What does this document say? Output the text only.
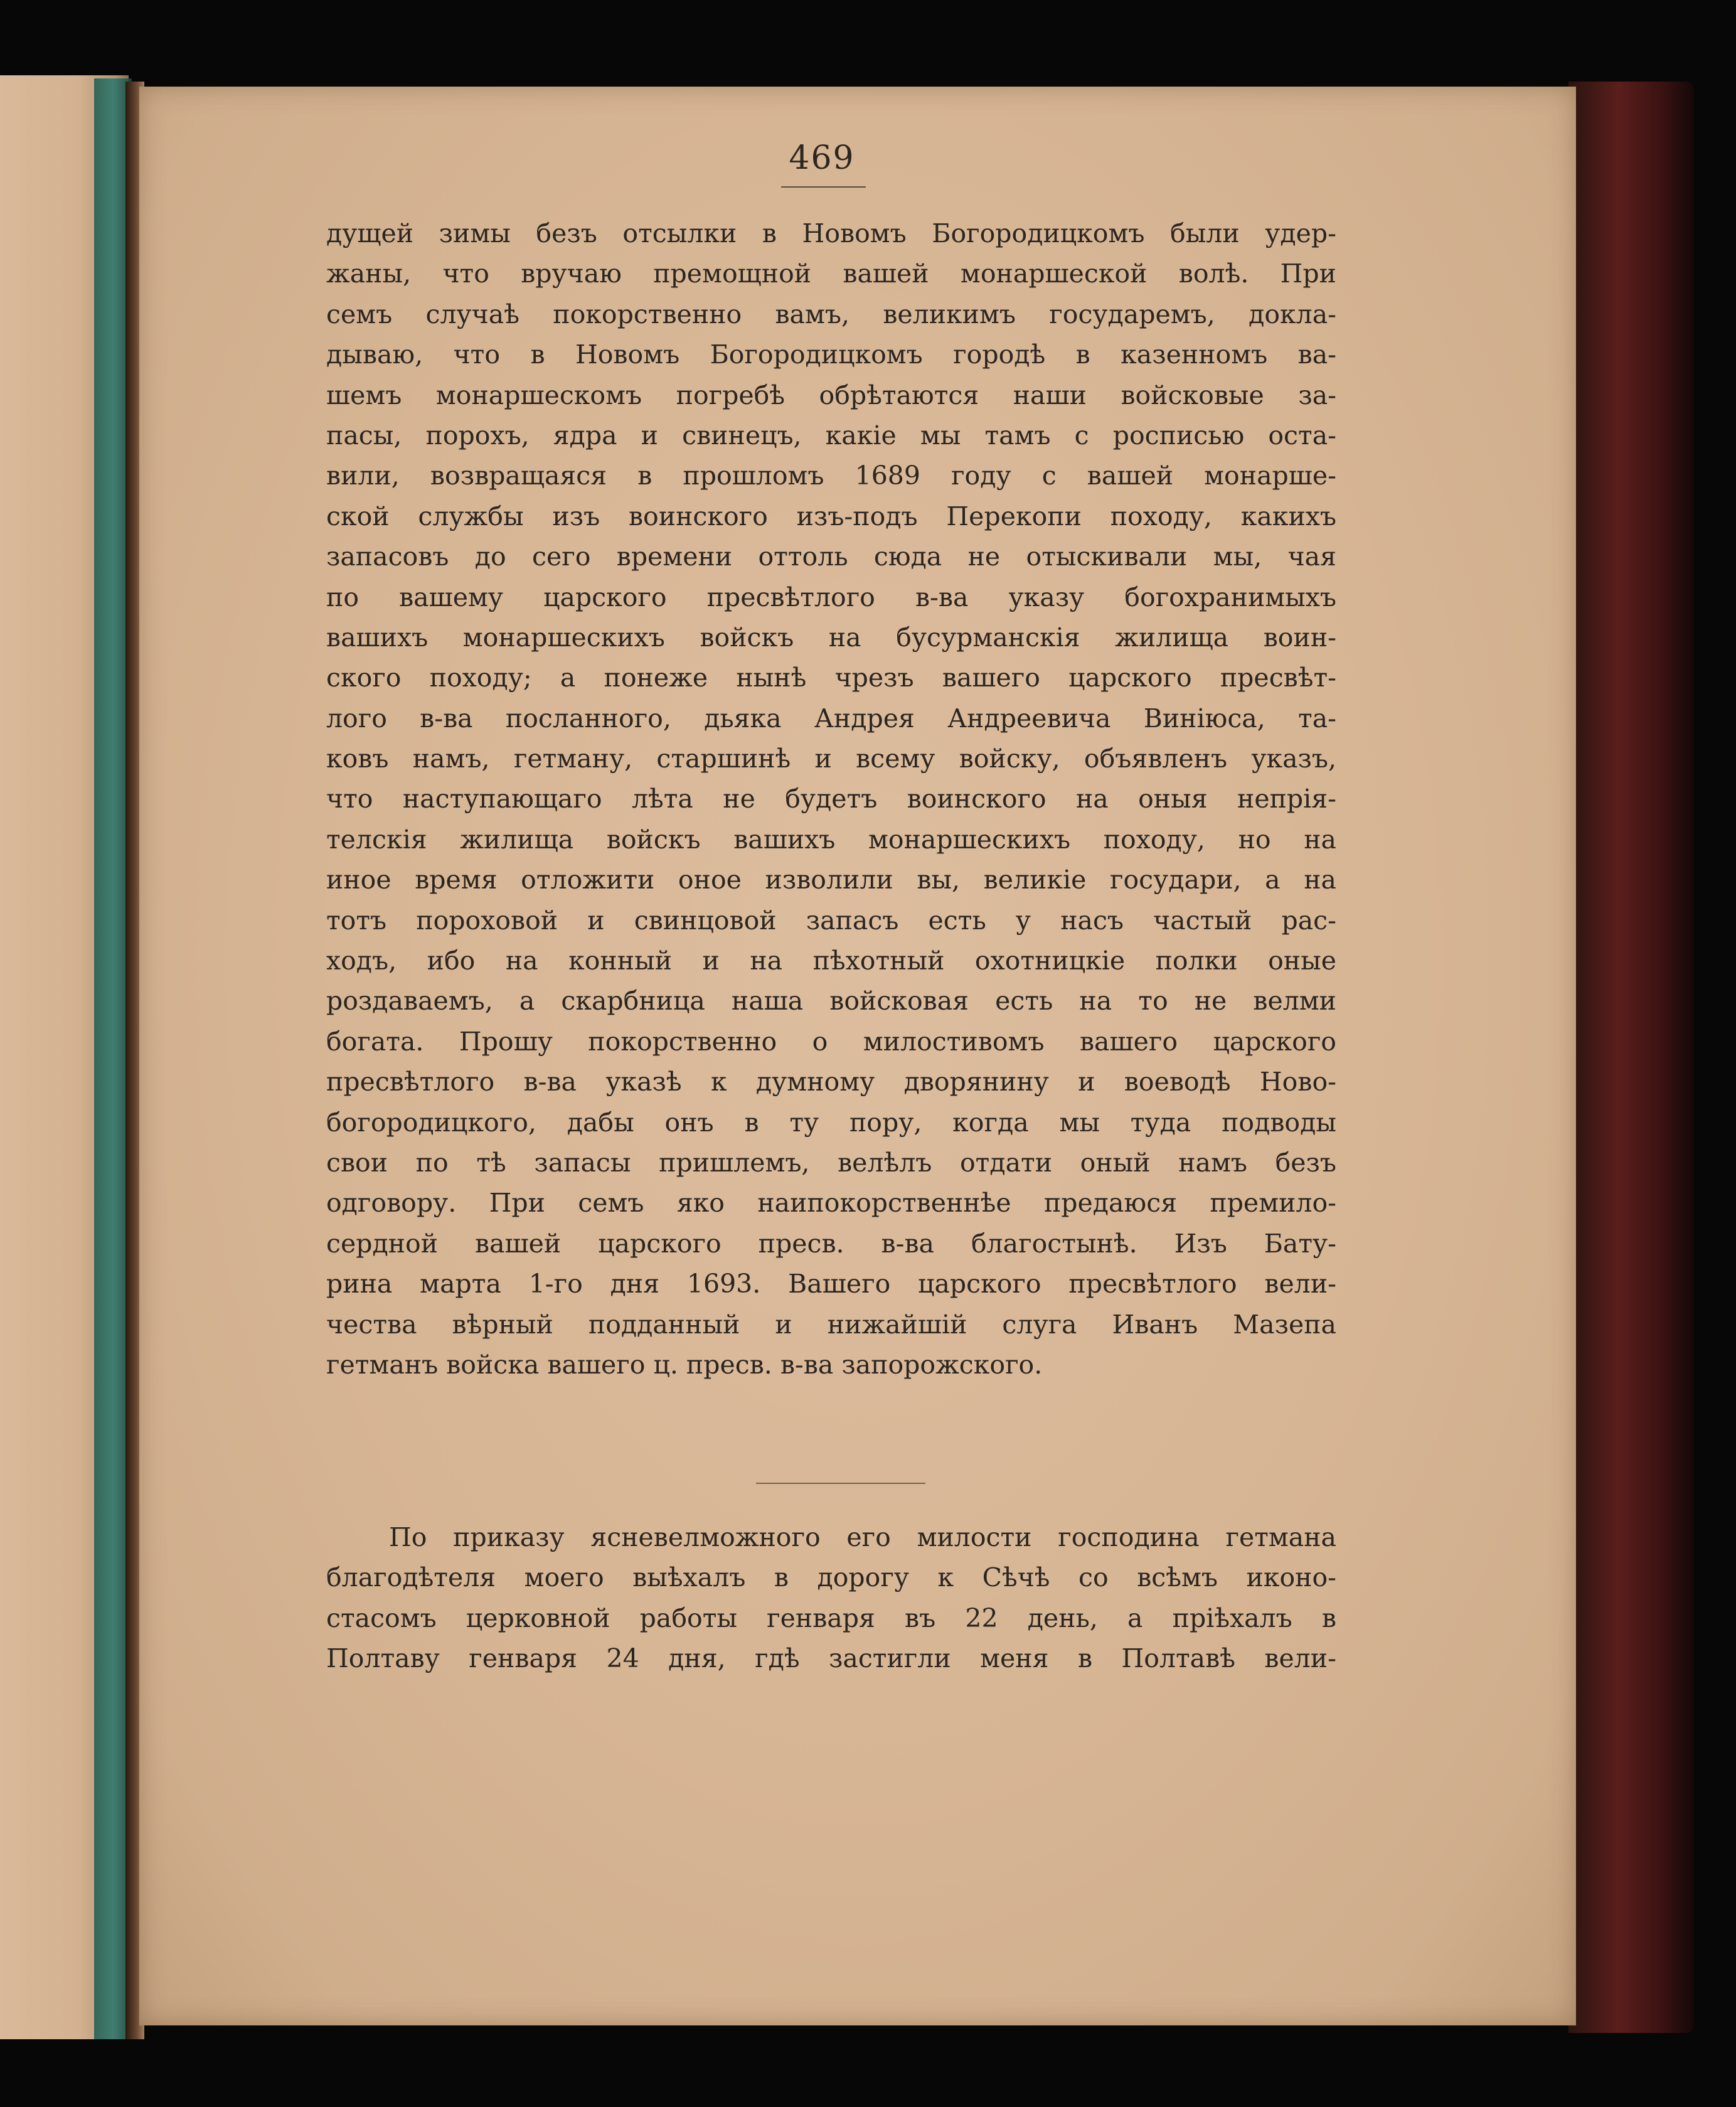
469
дущей зимы безъ отсылки в Новомъ Богородицкомъ были удер-
жаны, что вручаю премощной вашей монаршеской волѣ. При
семъ случаѣ покорственно вамъ, великимъ государемъ, докла-
дываю, что в Новомъ Богородицкомъ городѣ в казенномъ ва-
шемъ монаршескомъ погребѣ обрѣтаются наши войсковые за-
пасы, порохъ, ядра и свинецъ, какіе мы тамъ с росписью оста-
вили, возвращаяся в прошломъ 1689 году с вашей монарше-
ской службы изъ воинского изъ-подъ Перекопи походу, какихъ
запасовъ до сего времени оттоль сюда не отыскивали мы, чая
по вашему царского пресвѣтлого в-ва указу богохранимыхъ
вашихъ монаршескихъ войскъ на бусурманскія жилища воин-
ского походу; а понеже нынѣ чрезъ вашего царского пресвѣт-
лого в-ва посланного, дьяка Андрея Андреевича Виніюса, та-
ковъ намъ, гетману, старшинѣ и всему войску, объявленъ указъ,
что наступающаго лѣта не будетъ воинского на оныя непрія-
телскія жилища войскъ вашихъ монаршескихъ походу, но на
иное время отложити оное изволили вы, великіе государи, а на
тотъ пороховой и свинцовой запасъ есть у насъ частый рас-
ходъ, ибо на конный и на пѣхотный охотницкіе полки оные
роздаваемъ, а скарбница наша войсковая есть на то не велми
богата. Прошу покорственно о милостивомъ вашего царского
пресвѣтлого в-ва указѣ к думному дворянину и воеводѣ Ново-
богородицкого, дабы онъ в ту пору, когда мы туда подводы
свои по тѣ запасы пришлемъ, велѣлъ отдати оный намъ безъ
одговору. При семъ яко наипокорственнѣе предаюся премило-
сердной вашей царского пресв. в-ва благостынѣ. Изъ Бату-
рина марта 1-го дня 1693. Вашего царского пресвѣтлого вели-
чества вѣрный подданный и нижайшій слуга Иванъ Мазепа
гетманъ войска вашего ц. пресв. в-ва запорожского.
По приказу ясневелможного его милости господина гетмана
благодѣтеля моего выѣхалъ в дорогу к Сѣчѣ со всѣмъ иконо-
стасомъ церковной работы генваря въ 22 день, а пріѣхалъ в
Полтаву генваря 24 дня, гдѣ застигли меня в Полтавѣ вели-
